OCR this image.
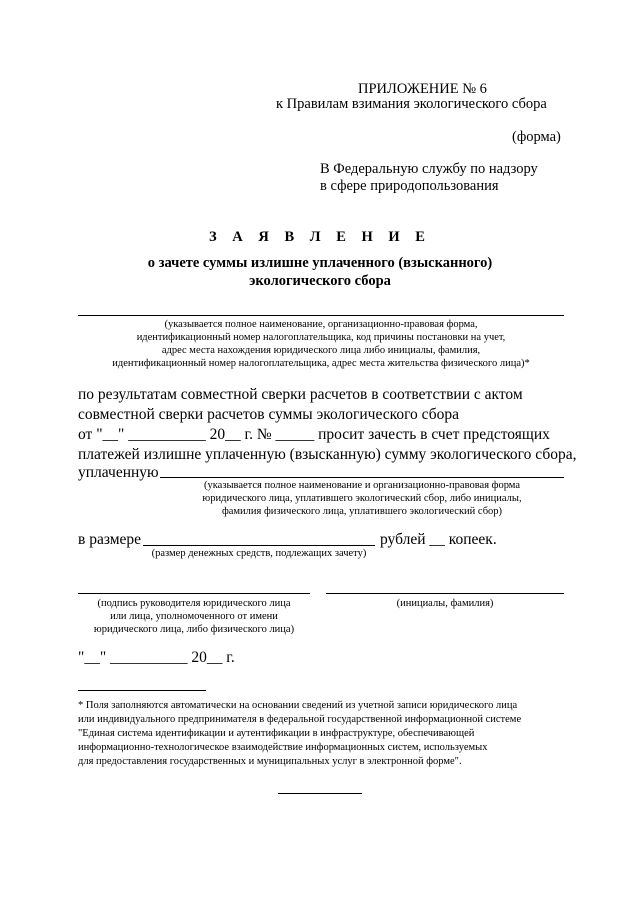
ПРИЛОЖЕНИЕ № 6
к Правилам взимания экологического сбора
(форма)
В Федеральную службу по надзору
в сфере природопользования
З А Я В Л Е Н И Е
о зачете суммы излишне уплаченного (взысканного)
экологического сбора
(указывается полное наименование, организационно-правовая форма,
идентификационный номер налогоплательщика, код причины постановки на учет,
адрес места нахождения юридического лица либо инициалы, фамилия,
идентификационный номер налогоплательщика, адрес места жительства физического лица)*
по результатам совместной сверки расчетов в соответствии с актом
совместной сверки расчетов суммы экологического сбора
от "__" __________ 20__ г. № _____ просит зачесть в счет предстоящих
платежей излишне уплаченную (взысканную) сумму экологического сбора,
уплаченную
(указывается полное наименование и организационно-правовая форма
юридического лица, уплатившего экологический сбор, либо инициалы,
фамилия физического лица, уплатившего экологический сбор)
в размере	рублей __ копеек.
(размер денежных средств, подлежащих зачету)
(подпись руководителя юридического лица
или лица, уполномоченного от имени
юридического лица, либо физического лица)
(инициалы, фамилия)
"__" __________ 20__ г.
* Поля заполняются автоматически на основании сведений из учетной записи юридического лица
или индивидуального предпринимателя в федеральной государственной информационной системе
"Единая система идентификации и аутентификации в инфраструктуре, обеспечивающей
информационно-технологическое взаимодействие информационных систем, используемых
для предоставления государственных и муниципальных услуг в электронной форме".
